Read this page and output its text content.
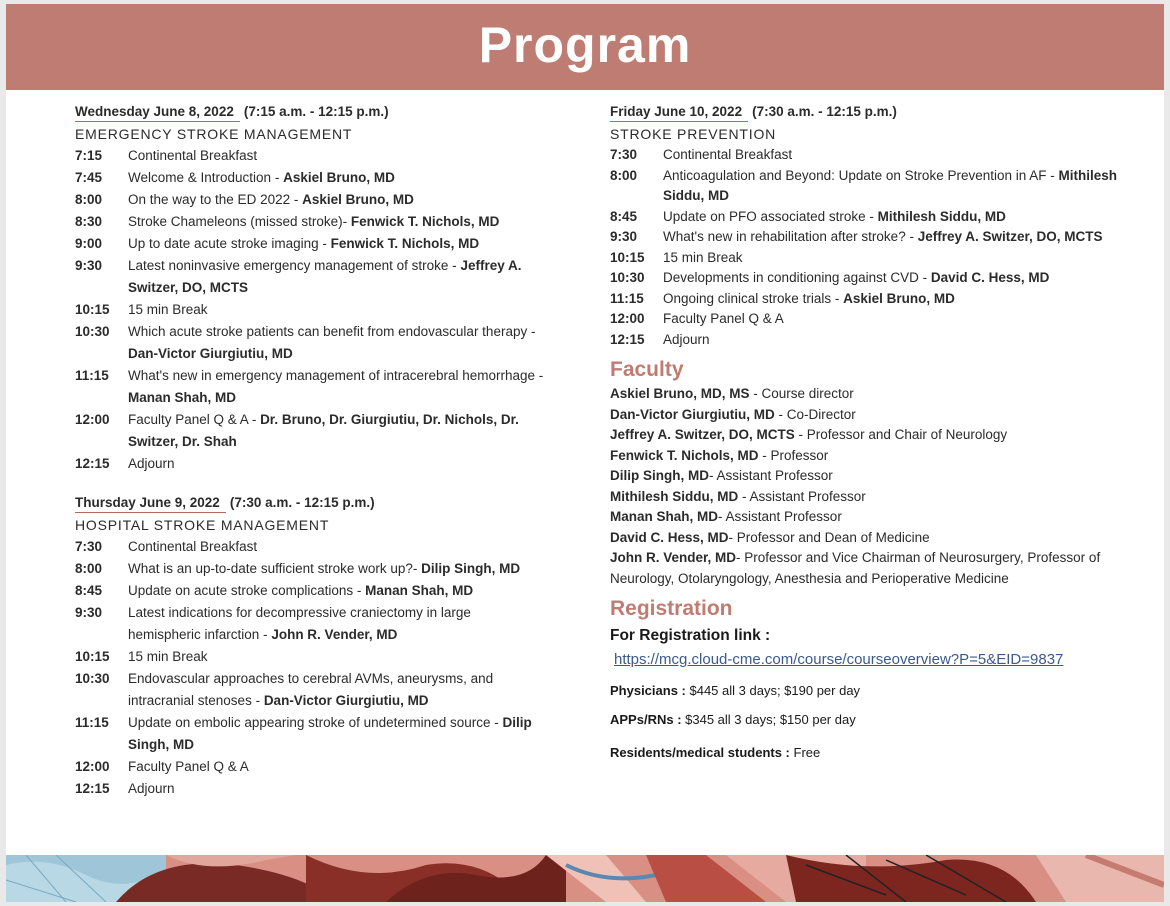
Program
Wednesday June 8, 2022 (7:15 a.m. - 12:15 p.m.)
EMERGENCY STROKE MANAGEMENT
7:15	Continental Breakfast
7:45	Welcome & Introduction - Askiel Bruno, MD
8:00	On the way to the ED 2022 - Askiel Bruno, MD
8:30	Stroke Chameleons (missed stroke)- Fenwick T. Nichols, MD
9:00	Up to date acute stroke imaging - Fenwick T. Nichols, MD
9:30	Latest noninvasive emergency management of stroke - Jeffrey A. Switzer, DO, MCTS
10:15	15 min Break
10:30	Which acute stroke patients can benefit from endovascular therapy - Dan-Victor Giurgiutiu, MD
11:15	What's new in emergency management of intracerebral hemorrhage - Manan Shah, MD
12:00	Faculty Panel Q & A - Dr. Bruno, Dr. Giurgiutiu, Dr. Nichols, Dr. Switzer, Dr. Shah
12:15	Adjourn
Thursday June 9, 2022 (7:30 a.m. - 12:15 p.m.)
HOSPITAL STROKE MANAGEMENT
7:30	Continental Breakfast
8:00	What is an up-to-date sufficient stroke work up?- Dilip Singh, MD
8:45	Update on acute stroke complications - Manan Shah, MD
9:30	Latest indications for decompressive craniectomy in large hemispheric infarction - John R. Vender, MD
10:15	15 min Break
10:30	Endovascular approaches to cerebral AVMs, aneurysms, and intracranial stenoses - Dan-Victor Giurgiutiu, MD
11:15	Update on embolic appearing stroke of undetermined source - Dilip Singh, MD
12:00	Faculty Panel Q & A
12:15	Adjourn
Friday June 10, 2022 (7:30 a.m. - 12:15 p.m.)
STROKE PREVENTION
7:30	Continental Breakfast
8:00	Anticoagulation and Beyond: Update on Stroke Prevention in AF - Mithilesh Siddu, MD
8:45	Update on PFO associated stroke - Mithilesh Siddu, MD
9:30	What's new in rehabilitation after stroke? - Jeffrey A. Switzer, DO, MCTS
10:15	15 min Break
10:30	Developments in conditioning against CVD - David C. Hess, MD
11:15	Ongoing clinical stroke trials - Askiel Bruno, MD
12:00	Faculty Panel Q & A
12:15	Adjourn
Faculty
Askiel Bruno, MD, MS - Course director
Dan-Victor Giurgiutiu, MD - Co-Director
Jeffrey A. Switzer, DO, MCTS - Professor and Chair of Neurology
Fenwick T. Nichols, MD - Professor
Dilip Singh, MD- Assistant Professor
Mithilesh Siddu, MD - Assistant Professor
Manan Shah, MD- Assistant Professor
David C. Hess, MD- Professor and Dean of Medicine
John R. Vender, MD- Professor and Vice Chairman of Neurosurgery, Professor of Neurology, Otolaryngology, Anesthesia and Perioperative Medicine
Registration
For Registration link :
https://mcg.cloud-cme.com/course/courseoverview?P=5&EID=9837
Physicians : $445 all 3 days; $190 per day
APPs/RNs : $345 all 3 days; $150 per day
Residents/medical students : Free
